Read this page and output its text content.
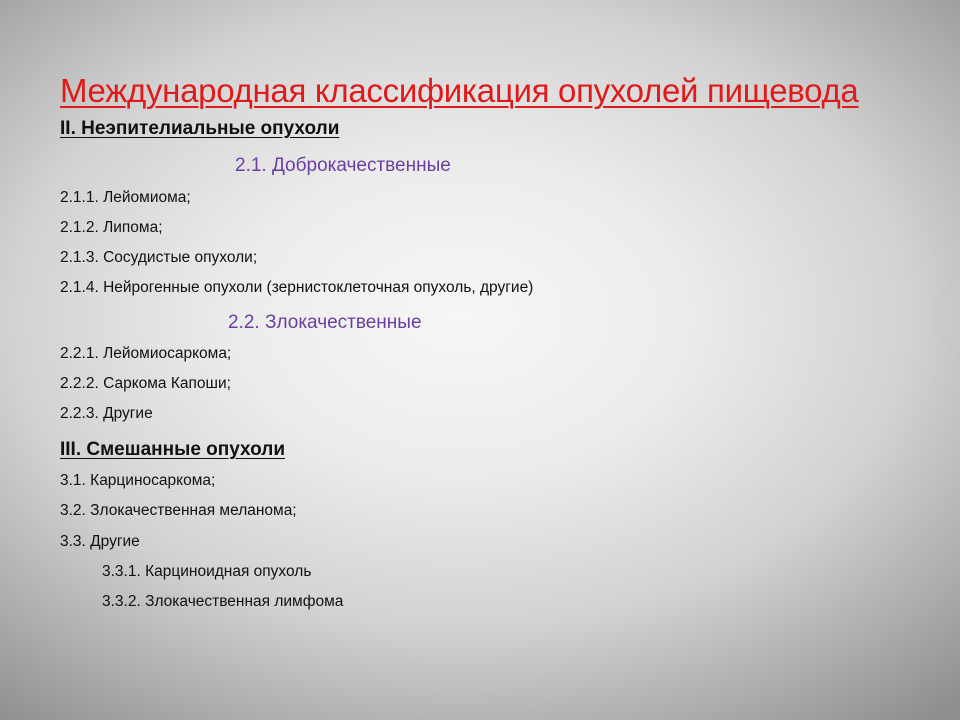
Международная классификация опухолей пищевода
II. Неэпителиальные опухоли
2.1. Доброкачественные
2.1.1. Лейомиома;
2.1.2. Липома;
2.1.3. Сосудистые опухоли;
2.1.4. Нейрогенные опухоли (зернистоклеточная опухоль, другие)
2.2. Злокачественные
2.2.1. Лейомиосаркома;
2.2.2. Саркома Капоши;
2.2.3. Другие
III. Смешанные опухоли
3.1. Карциносаркома;
3.2. Злокачественная меланома;
3.3. Другие
3.3.1. Карциноидная опухоль
3.3.2. Злокачественная лимфома
